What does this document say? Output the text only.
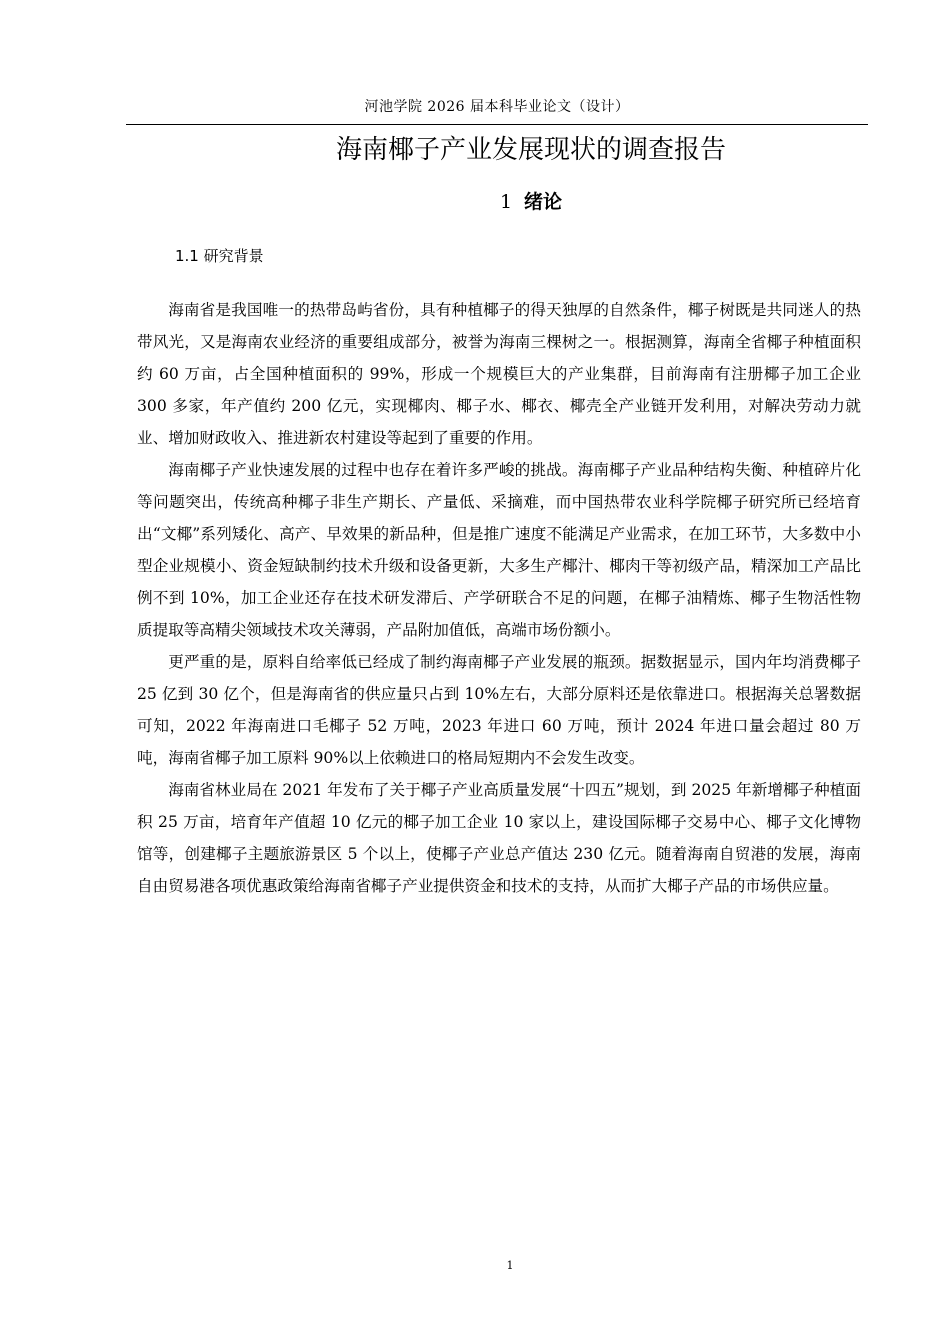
河池学院 2026 届本科毕业论文（设计）
海南椰子产业发展现状的调查报告
1 绪论
1.1 研究背景

海南省是我国唯一的热带岛屿省份，具有种植椰子的得天独厚的自然条件，椰子树既是共同迷人的热带风光，又是海南农业经济的重要组成部分，被誉为海南三棵树之一。根据测算，海南全省椰子种植面积约 60 万亩，占全国种植面积的 99%，形成一个规模巨大的产业集群，目前海南有注册椰子加工企业 300 多家，年产值约 200 亿元，实现椰肉、椰子水、椰衣、椰壳全产业链开发利用，对解决劳动力就业、增加财政收入、推进新农村建设等起到了重要的作用。

海南椰子产业快速发展的过程中也存在着许多严峻的挑战。海南椰子产业品种结构失衡、种植碎片化等问题突出，传统高种椰子非生产期长、产量低、采摘难，而中国热带农业科学院椰子研究所已经培育出“文椰”系列矮化、高产、早效果的新品种，但是推广速度不能满足产业需求，在加工环节，大多数中小型企业规模小、资金短缺制约技术升级和设备更新，大多生产椰汁、椰肉干等初级产品，精深加工产品比例不到 10%，加工企业还存在技术研发滞后、产学研联合不足的问题，在椰子油精炼、椰子生物活性物质提取等高精尖领域技术攻关薄弱，产品附加值低，高端市场份额小。

更严重的是，原料自给率低已经成了制约海南椰子产业发展的瓶颈。据数据显示，国内年均消费椰子 25 亿到 30 亿个，但是海南省的供应量只占到 10%左右，大部分原料还是依靠进口。根据海关总署数据可知，2022 年海南进口毛椰子 52 万吨，2023 年进口 60 万吨，预计 2024 年进口量会超过 80 万吨，海南省椰子加工原料 90%以上依赖进口的格局短期内不会发生改变。

海南省林业局在 2021 年发布了关于椰子产业高质量发展“十四五”规划，到 2025 年新增椰子种植面积 25 万亩，培育年产值超 10 亿元的椰子加工企业 10 家以上，建设国际椰子交易中心、椰子文化博物馆等，创建椰子主题旅游景区 5 个以上，使椰子产业总产值达 230 亿元。随着海南自贸港的发展，海南自由贸易港各项优惠政策给海南省椰子产业提供资金和技术的支持，从而扩大椰子产品的市场供应量。

1
